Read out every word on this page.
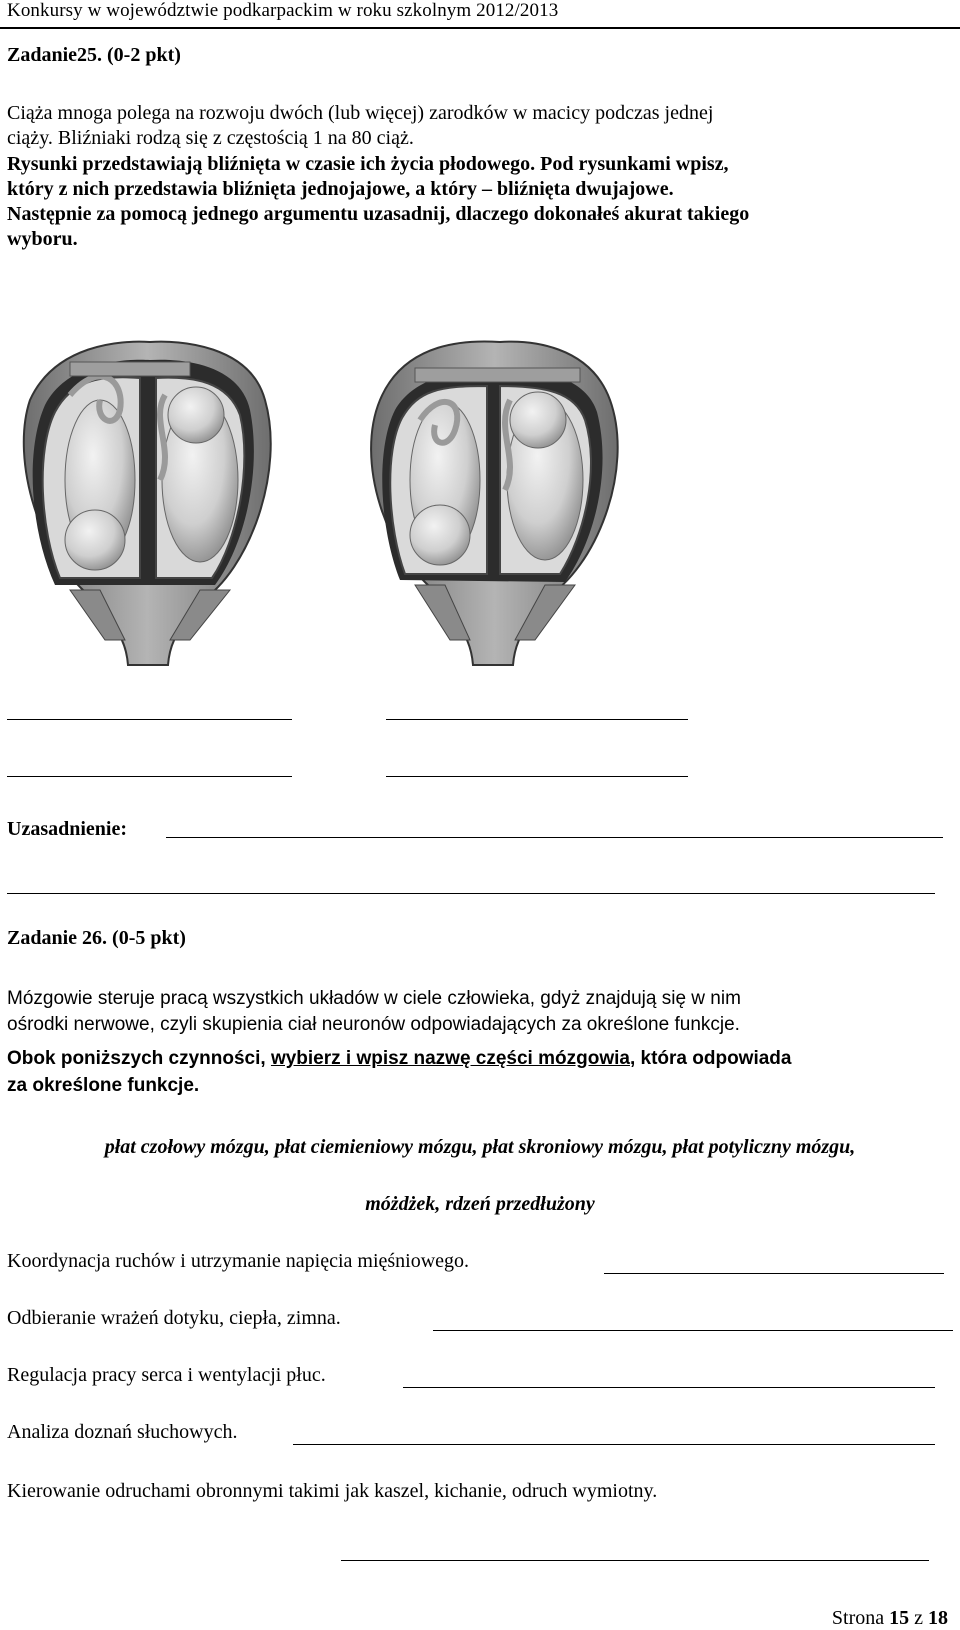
Konkursy w województwie podkarpackim w roku szkolnym 2012/2013
Zadanie25. (0-2 pkt)
Ciąża mnoga polega na rozwoju dwóch (lub więcej) zarodków w macicy podczas jednej
ciąży. Bliźniaki rodzą się z częstością 1 na 80 ciąż.
Rysunki przedstawiają bliźnięta w czasie ich życia płodowego. Pod rysunkami wpisz,
który z nich przedstawia bliźnięta jednojajowe, a który – bliźnięta dwujajowe.
Następnie za pomocą jednego argumentu uzasadnij, dlaczego dokonałeś akurat takiego
wyboru.
Uzasadnienie:
Zadanie 26. (0-5 pkt)
Mózgowie steruje pracą wszystkich układów w ciele człowieka, gdyż znajdują się w nim
ośrodki nerwowe, czyli skupienia ciał neuronów odpowiadających za określone funkcje.
Obok poniższych czynności, wybierz i wpisz nazwę części mózgowia, która odpowiada
za określone funkcje.
płat czołowy mózgu, płat ciemieniowy mózgu, płat skroniowy mózgu, płat potyliczny mózgu,
móżdżek, rdzeń przedłużony
Koordynacja ruchów i utrzymanie napięcia mięśniowego.
Odbieranie wrażeń dotyku, ciepła, zimna.
Regulacja pracy serca i wentylacji płuc.
Analiza doznań słuchowych.
Kierowanie odruchami obronnymi takimi jak kaszel, kichanie, odruch wymiotny.
Strona 15 z 18
